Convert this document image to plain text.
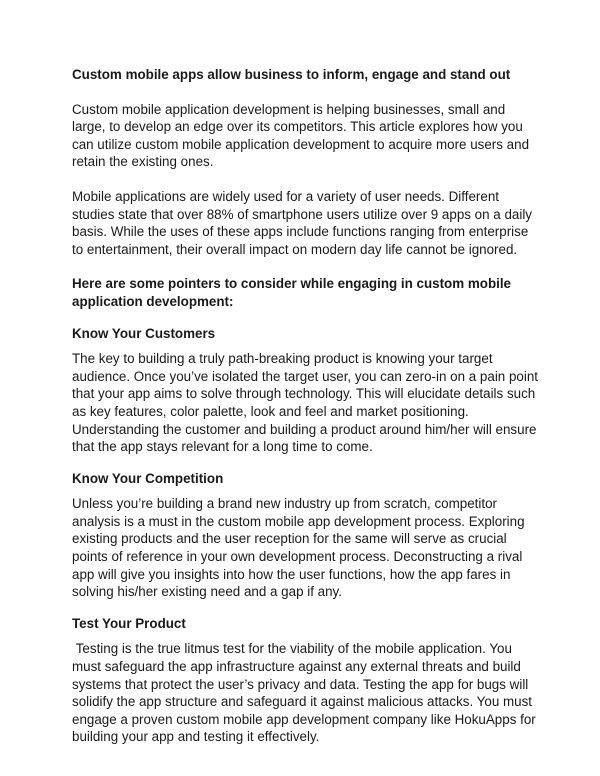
Custom mobile apps allow business to inform, engage and stand out

Custom mobile application development is helping businesses, small and large, to develop an edge over its competitors. This article explores how you can utilize custom mobile application development to acquire more users and retain the existing ones.

Mobile applications are widely used for a variety of user needs. Different studies state that over 88% of smartphone users utilize over 9 apps on a daily basis. While the uses of these apps include functions ranging from enterprise to entertainment, their overall impact on modern day life cannot be ignored.

Here are some pointers to consider while engaging in custom mobile application development:
Know Your Customers

The key to building a truly path-breaking product is knowing your target audience. Once you’ve isolated the target user, you can zero-in on a pain point that your app aims to solve through technology. This will elucidate details such as key features, color palette, look and feel and market positioning. Understanding the customer and building a product around him/her will ensure that the app stays relevant for a long time to come.

Know Your Competition

Unless you’re building a brand new industry up from scratch, competitor analysis is a must in the custom mobile app development process. Exploring existing products and the user reception for the same will serve as crucial points of reference in your own development process. Deconstructing a rival app will give you insights into how the user functions, how the app fares in solving his/her existing need and a gap if any.

Test Your Product

Testing is the true litmus test for the viability of the mobile application. You must safeguard the app infrastructure against any external threats and build systems that protect the user’s privacy and data. Testing the app for bugs will solidify the app structure and safeguard it against malicious attacks. You must engage a proven custom mobile app development company like HokuApps for building your app and testing it effectively.
